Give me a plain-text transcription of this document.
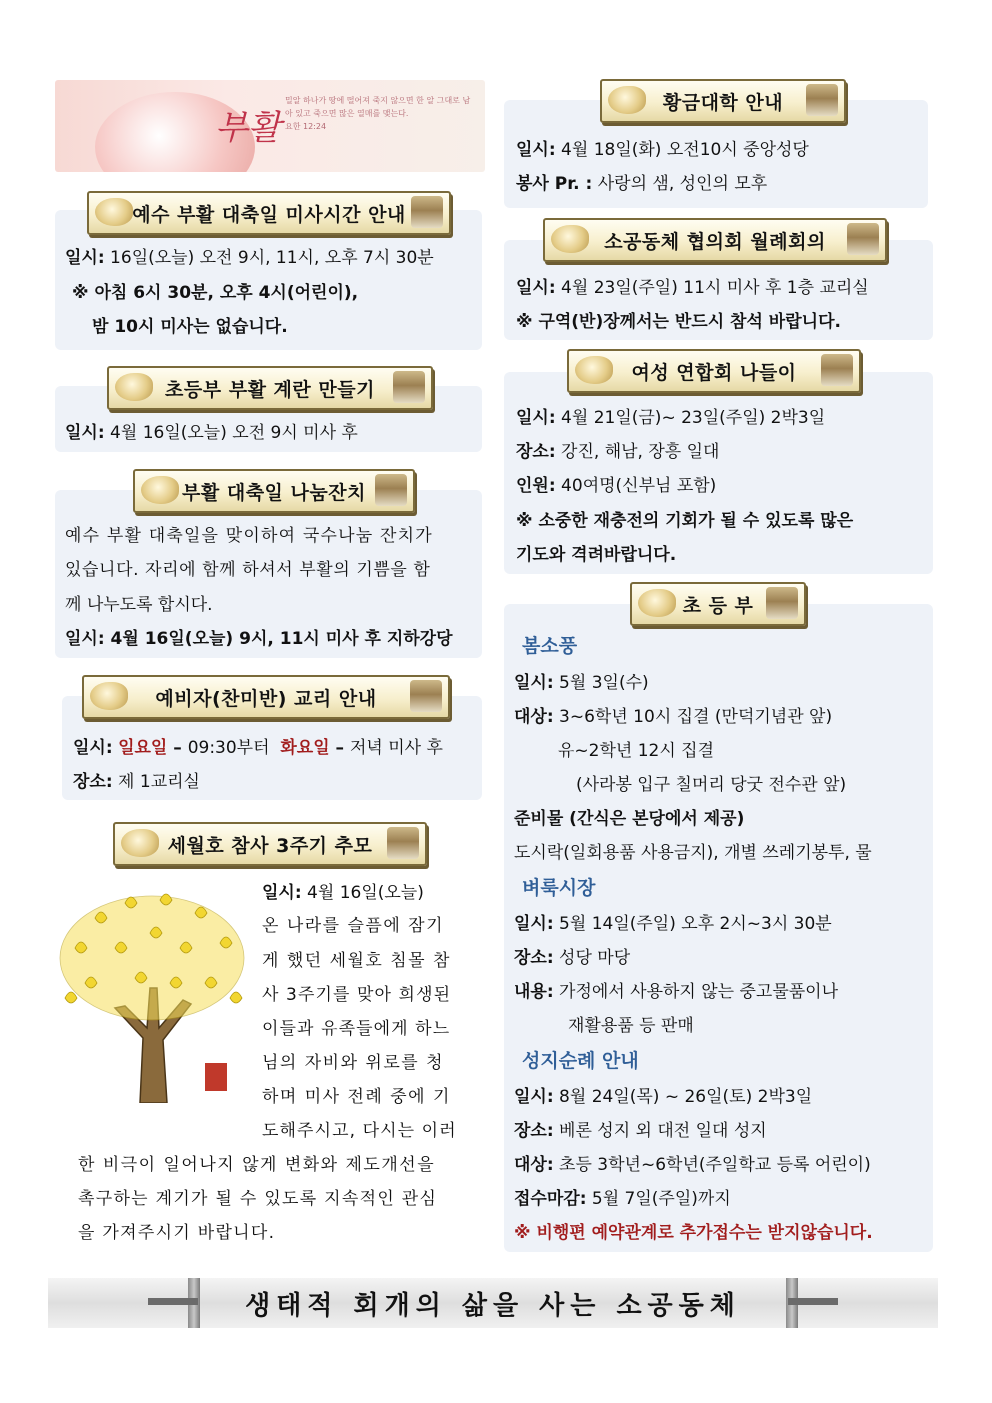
부활
밀알 하나가 땅에 떨어져 죽지 않으면 한 알 그대로 남아 있고 죽으면 많은 열매를 맺는다.
요한 12:24
예수 부활 대축일 미사시간 안내
일시: 16일(오늘) 오전 9시, 11시, 오후 7시 30분
※ 아침 6시 30분, 오후 4시(어린이),
밤 10시 미사는 없습니다.
초등부 부활 계란 만들기
일시: 4월 16일(오늘) 오전 9시 미사 후
부활 대축일 나눔잔치
예수 부활 대축일을 맞이하여 국수나눔 잔치가
있습니다. 자리에 함께 하셔서 부활의 기쁨을 함
께 나누도록 합시다.
일시: 4월 16일(오늘) 9시, 11시 미사 후 지하강당
예비자(찬미반) 교리 안내
일시: 일요일 – 09:30부터  화요일 – 저녁 미사 후
장소: 제 1교리실
세월호 참사 3주기 추모
일시: 4월 16일(오늘)
온 나라를 슬픔에 잠기
게 했던 세월호 침몰 참
사 3주기를 맞아 희생된
이들과 유족들에게 하느
님의 자비와 위로를 청
하며 미사 전례 중에 기
도해주시고, 다시는 이러
한 비극이 일어나지 않게 변화와 제도개선을
촉구하는 계기가 될 수 있도록 지속적인 관심
을 가져주시기 바랍니다.
황금대학 안내
일시: 4월 18일(화) 오전10시 중앙성당
봉사 Pr. : 사랑의 샘, 성인의 모후
소공동체 협의회 월례회의
일시: 4월 23일(주일) 11시 미사 후 1층 교리실
※ 구역(반)장께서는 반드시 참석 바랍니다.
여성 연합회 나들이
일시: 4월 21일(금)~ 23일(주일) 2박3일
장소: 강진, 해남, 장흥 일대
인원: 40여명(신부님 포함)
※ 소중한 재충전의 기회가 될 수 있도록 많은
기도와 격려바랍니다.
초 등 부
봄소풍
일시: 5월 3일(수)
대상: 3~6학년 10시 집결 (만덕기념관 앞)
유~2학년 12시 집결
(사라봉 입구 칠머리 당굿 전수관 앞)
준비물 (간식은 본당에서 제공)
도시락(일회용품 사용금지), 개별 쓰레기봉투, 물
벼룩시장
일시: 5월 14일(주일) 오후 2시~3시 30분
장소: 성당 마당
내용: 가정에서 사용하지 않는 중고물품이나
재활용품 등 판매
성지순례 안내
일시: 8월 24일(목) ~ 26일(토) 2박3일
장소: 베론 성지 외 대전 일대 성지
대상: 초등 3학년~6학년(주일학교 등록 어린이)
접수마감: 5월 7일(주일)까지
※ 비행편 예약관계로 추가접수는 받지않습니다.
생태적 회개의 삶을 사는 소공동체
